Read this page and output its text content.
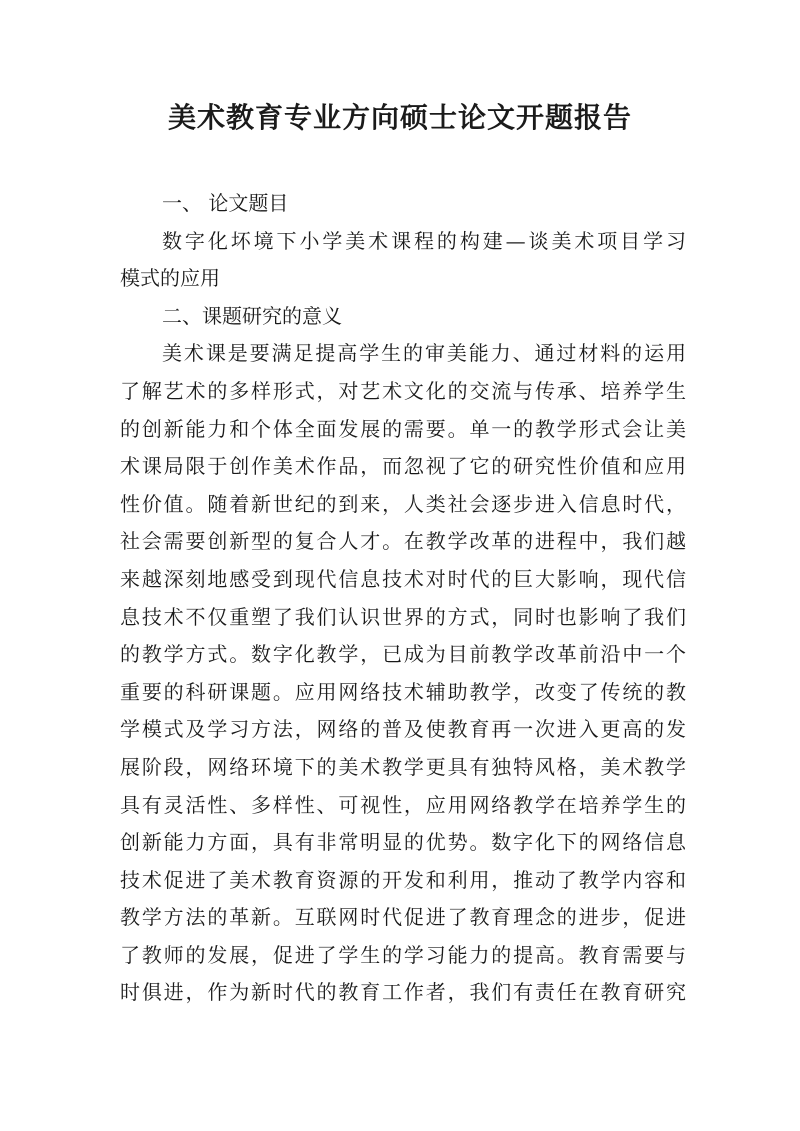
美术教育专业方向硕士论文开题报告
一、 论文题目
数字化坏境下小学美术课程的构建—谈美术项目学习
模式的应用
二、课题研究的意义
美术课是要满足提高学生的审美能力、通过材料的运用
了解艺术的多样形式，对艺术文化的交流与传承、培养学生
的创新能力和个体全面发展的需要。单一的教学形式会让美
术课局限于创作美术作品，而忽视了它的研究性价值和应用
性价值。随着新世纪的到来，人类社会逐步进入信息时代，
社会需要创新型的复合人才。在教学改革的进程中，我们越
来越深刻地感受到现代信息技术对时代的巨大影响，现代信
息技术不仅重塑了我们认识世界的方式，同时也影响了我们
的教学方式。数字化教学，已成为目前教学改革前沿中一个
重要的科研课题。应用网络技术辅助教学，改变了传统的教
学模式及学习方法，网络的普及使教育再一次进入更高的发
展阶段，网络环境下的美术教学更具有独特风格，美术教学
具有灵活性、多样性、可视性，应用网络教学在培养学生的
创新能力方面，具有非常明显的优势。数字化下的网络信息
技术促进了美术教育资源的开发和利用，推动了教学内容和
教学方法的革新。互联网时代促进了教育理念的进步，促进
了教师的发展，促进了学生的学习能力的提高。教育需要与
时俱进，作为新时代的教育工作者，我们有责任在教育研究
